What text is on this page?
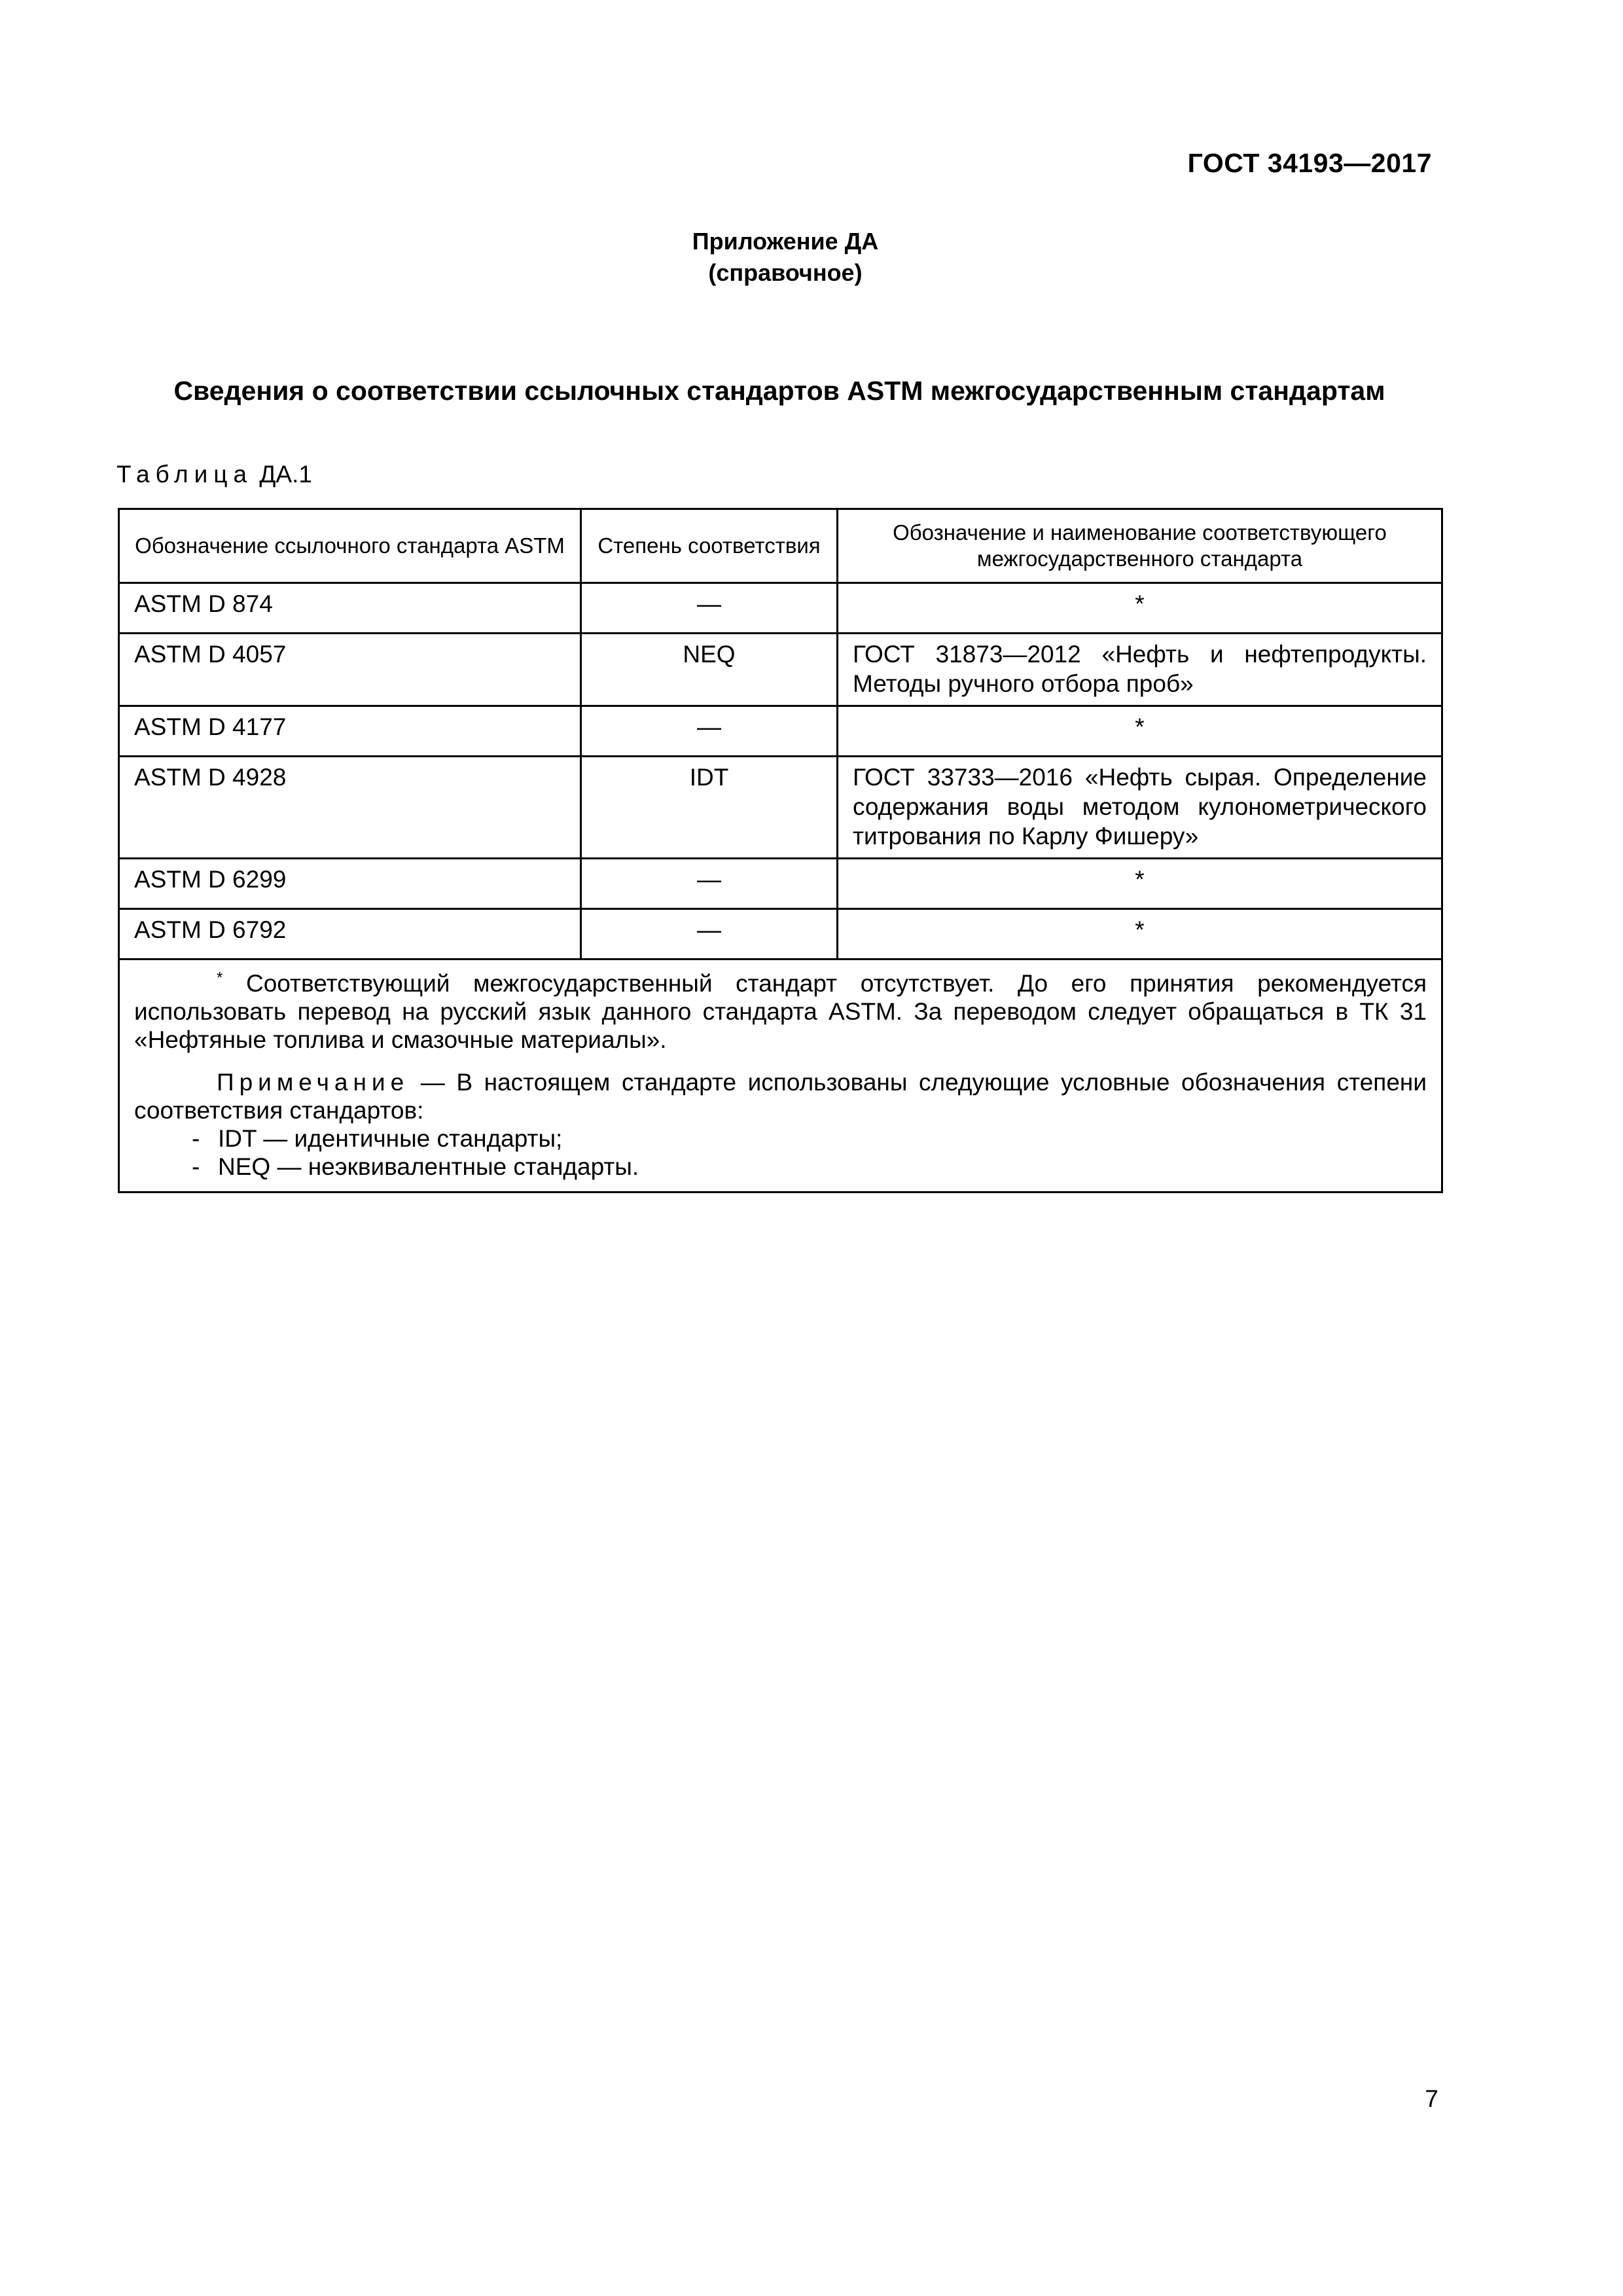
ГОСТ 34193—2017
Приложение ДА
(справочное)
Сведения о соответствии ссылочных стандартов ASTM межгосударственным стандартам
Таблица ДА.1
Обозначение ссылочного стандарта ASTM	Степень соответствия	Обозначение и наименование соответствующего межгосударственного стандарта
ASTM D 874	—	*
ASTM D 4057	NEQ	ГОСТ 31873—2012 «Нефть и нефтепродукты. Методы ручного отбора проб»
ASTM D 4177	—	*
ASTM D 4928	IDT	ГОСТ 33733—2016 «Нефть сырая. Определение содержания воды методом кулонометрического титрования по Карлу Фишеру»
ASTM D 6299	—	*
ASTM D 6792	—	*

* Соответствующий межгосударственный стандарт отсутствует. До его принятия рекомендуется использовать перевод на русский язык данного стандарта ASTM. За переводом следует обращаться в ТК 31 «Нефтяные топлива и смазочные материалы».

Примечание — В настоящем стандарте использованы следующие условные обозначения степени соответствия стандартов:

- IDT — идентичные стандарты;

- NEQ — неэквивалентные стандарты.		

7
